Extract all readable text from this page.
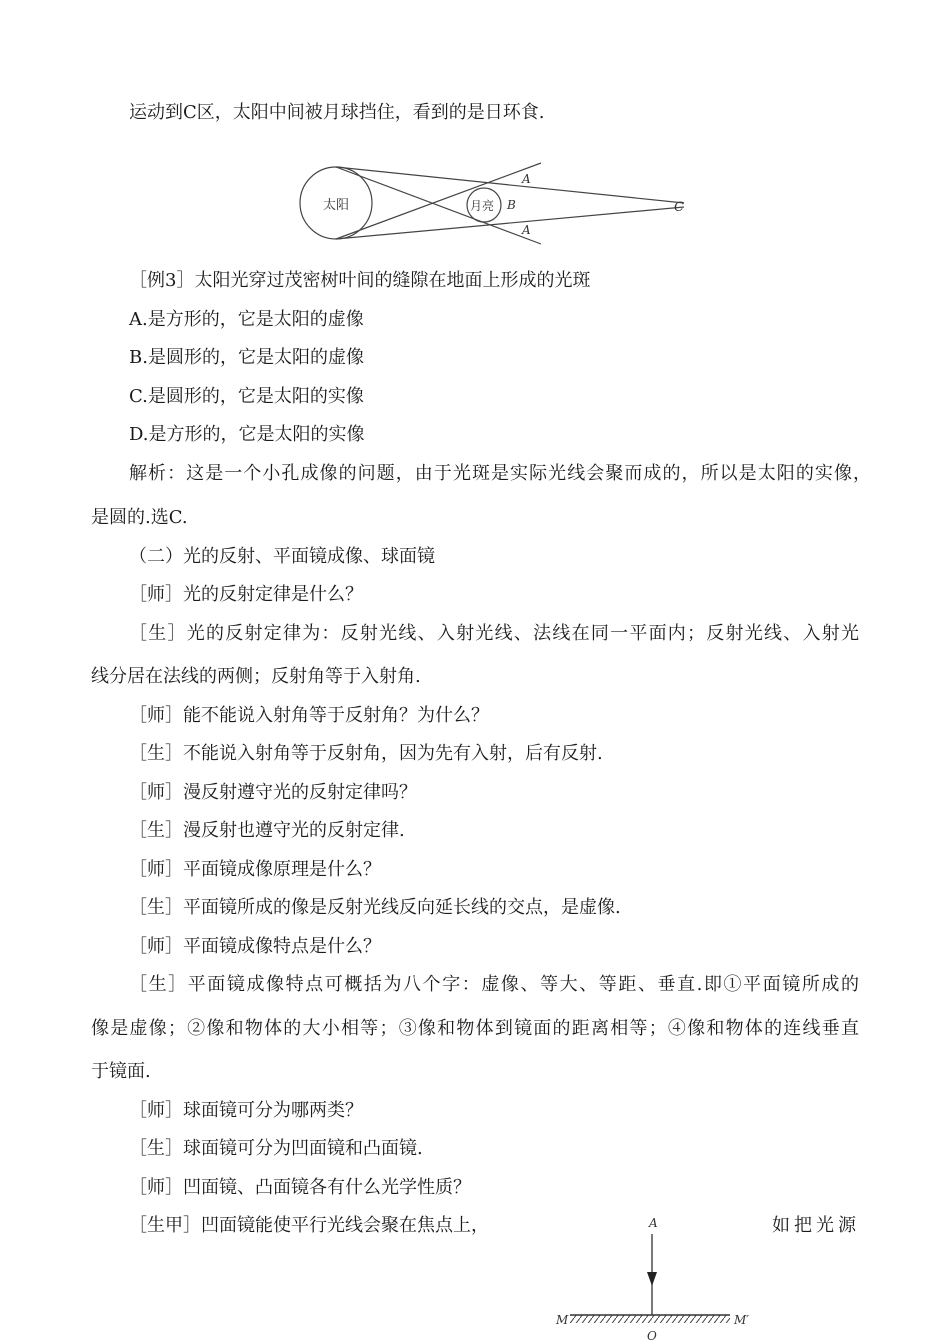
运动到C区，太阳中间被月球挡住，看到的是日环食.
太阳	月亮
A
B	C
A
［例3］太阳光穿过茂密树叶间的缝隙在地面上形成的光斑
A.是方形的，它是太阳的虚像
B.是圆形的，它是太阳的虚像
C.是圆形的，它是太阳的实像
D.是方形的，它是太阳的实像
解析：这是一个小孔成像的问题，由于光斑是实际光线会聚而成的，所以是太阳的实像，
是圆的.选C.
（二）光的反射、平面镜成像、球面镜
［师］光的反射定律是什么？
［生］光的反射定律为：反射光线、入射光线、法线在同一平面内；反射光线、入射光
线分居在法线的两侧；反射角等于入射角.
［师］能不能说入射角等于反射角？为什么？
［生］不能说入射角等于反射角，因为先有入射，后有反射.
［师］漫反射遵守光的反射定律吗？
［生］漫反射也遵守光的反射定律.
［师］平面镜成像原理是什么？
［生］平面镜所成的像是反射光线反向延长线的交点，是虚像.
［师］平面镜成像特点是什么？
［生］平面镜成像特点可概括为八个字：虚像、等大、等距、垂直.即①平面镜所成的
像是虚像；②像和物体的大小相等；③像和物体到镜面的距离相等；④像和物体的连线垂直
于镜面.
［师］球面镜可分为哪两类？
［生］球面镜可分为凹面镜和凸面镜.
［师］凹面镜、凸面镜各有什么光学性质？
［生甲］凹面镜能使平行光线会聚在焦点上，	如把光源
A
M	M′
O
